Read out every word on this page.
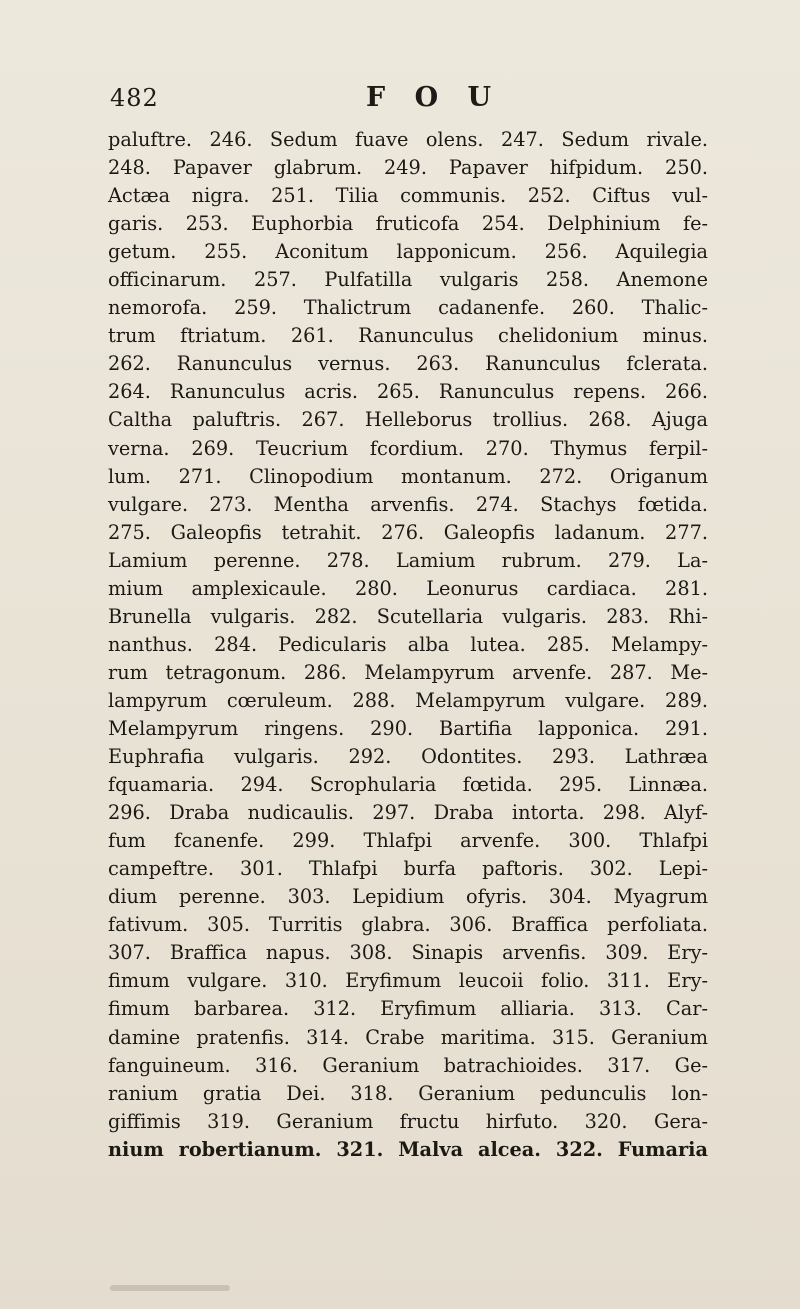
482	F O U
paluftre. 246. Sedum fuave olens. 247. Sedum rivale.
248. Papaver glabrum. 249. Papaver hifpidum. 250.
Actæa nigra. 251. Tilia communis. 252. Ciftus vul-
garis. 253. Euphorbia fruticofa 254. Delphinium fe-
getum. 255. Aconitum lapponicum. 256. Aquilegia
officinarum. 257. Pulfatilla vulgaris 258. Anemone
nemorofa. 259. Thalictrum cadanenfe. 260. Thalic-
trum ftriatum. 261. Ranunculus chelidonium minus.
262. Ranunculus vernus. 263. Ranunculus fclerata.
264. Ranunculus acris. 265. Ranunculus repens. 266.
Caltha paluftris. 267. Helleborus trollius. 268. Ajuga
verna. 269. Teucrium fcordium. 270. Thymus ferpil-
lum. 271. Clinopodium montanum. 272. Origanum
vulgare. 273. Mentha arvenfis. 274. Stachys fœtida.
275. Galeopfis tetrahit. 276. Galeopfis ladanum. 277.
Lamium perenne. 278. Lamium rubrum. 279. La-
mium amplexicaule. 280. Leonurus cardiaca. 281.
Brunella vulgaris. 282. Scutellaria vulgaris. 283. Rhi-
nanthus. 284. Pedicularis alba lutea. 285. Melampy-
rum tetragonum. 286. Melampyrum arvenfe. 287. Me-
lampyrum cœruleum. 288. Melampyrum vulgare. 289.
Melampyrum ringens. 290. Bartifia lapponica. 291.
Euphrafia vulgaris. 292. Odontites. 293. Lathræa
fquamaria. 294. Scrophularia fœtida. 295. Linnæa.
296. Draba nudicaulis. 297. Draba intorta. 298. Alyf-
fum fcanenfe. 299. Thlafpi arvenfe. 300. Thlafpi
campeftre. 301. Thlafpi burfa paftoris. 302. Lepi-
dium perenne. 303. Lepidium ofyris. 304. Myagrum
fativum. 305. Turritis glabra. 306. Braffica perfoliata.
307. Braffica napus. 308. Sinapis arvenfis. 309. Ery-
fimum vulgare. 310. Eryfimum leucoii folio. 311. Ery-
fimum barbarea. 312. Eryfimum alliaria. 313. Car-
damine pratenfis. 314. Crabe maritima. 315. Geranium
fanguineum. 316. Geranium batrachioides. 317. Ge-
ranium gratia Dei. 318. Geranium pedunculis lon-
giffimis 319. Geranium fructu hirfuto. 320. Gera-
nium robertianum. 321. Malva alcea. 322. Fumaria
